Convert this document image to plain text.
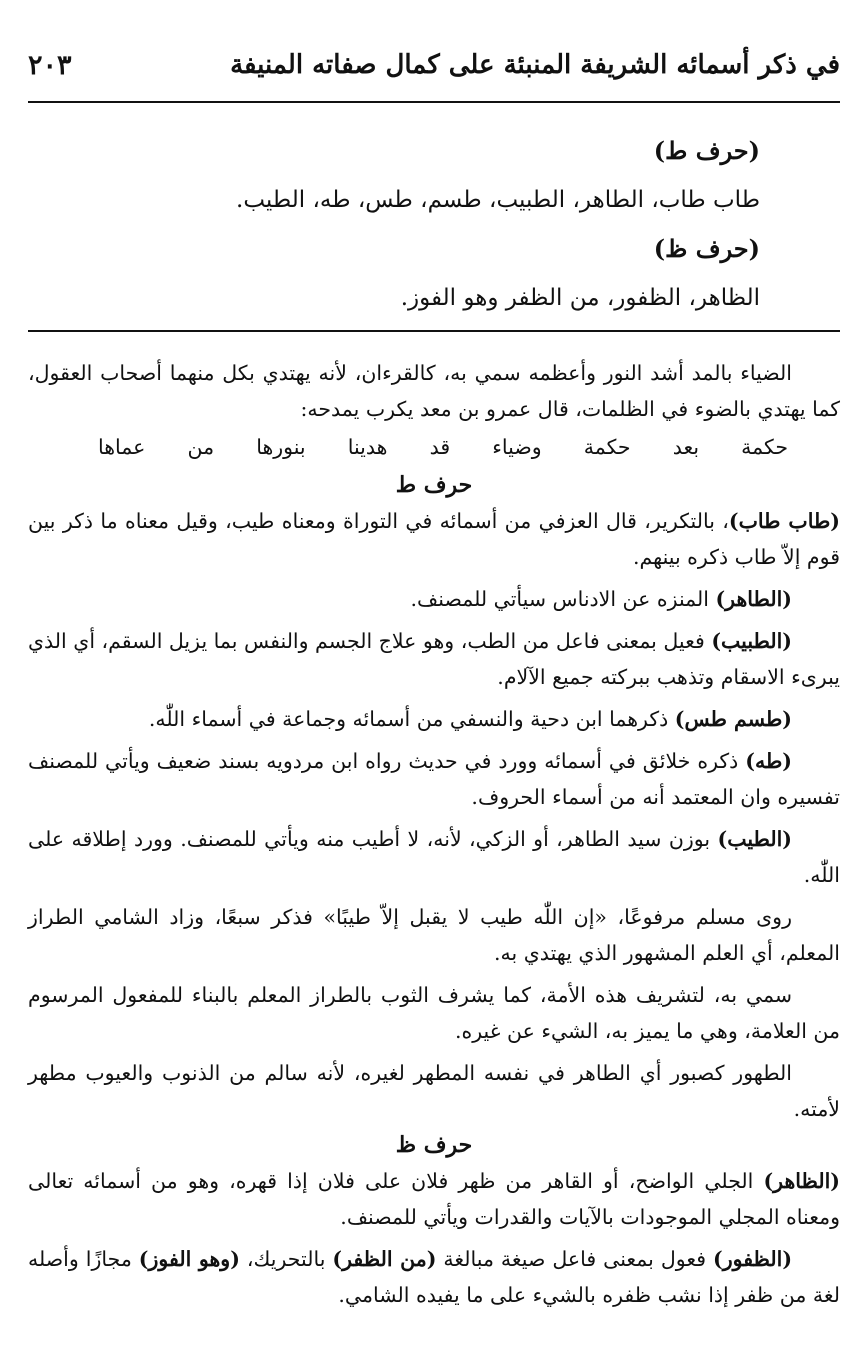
في ذكر أسمائه الشريفة المنبئة على كمال صفاته المنيفة
٢٠٣
(حرف ط)
طاب طاب، الطاهر، الطبيب، طسم، طس، طه، الطيب.
(حرف ظ)
الظاهر، الظفور، من الظفر وهو الفوز.

الضياء بالمد أشد النور وأعظمه سمي به، كالقرءان، لأنه يهتدي بكل منهما أصحاب العقول، كما يهتدي بالضوء في الظلمات، قال عمرو بن معد يكرب يمدحه:

حكمة بعد حكمة وضياء قد هدينا بنورها من عماها
حرف ط

(طاب طاب)، بالتكرير، قال العزفي من أسمائه في التوراة ومعناه طيب، وقيل معناه ما ذكر بين قوم إلاّ طاب ذكره بينهم.

(الطاهر) المنزه عن الادناس سيأتي للمصنف.

(الطبيب) فعيل بمعنى فاعل من الطب، وهو علاج الجسم والنفس بما يزيل السقم، أي الذي يبرىء الاسقام وتذهب ببركته جميع الآلام.

(طسم طس) ذكرهما ابن دحية والنسفي من أسمائه وجماعة في أسماء اللّٰه.

(طه) ذكره خلائق في أسمائه وورد في حديث رواه ابن مردويه بسند ضعيف ويأتي للمصنف تفسيره وان المعتمد أنه من أسماء الحروف.

(الطيب) بوزن سيد الطاهر، أو الزكي، لأنه، لا أطيب منه ويأتي للمصنف. وورد إطلاقه على اللّٰه.

روى مسلم مرفوعًا، «إن اللّٰه طيب لا يقبل إلاّ طيبًا» فذكر سبعًا، وزاد الشامي الطراز المعلم، أي العلم المشهور الذي يهتدي به.

سمي به، لتشريف هذه الأمة، كما يشرف الثوب بالطراز المعلم بالبناء للمفعول المرسوم من العلامة، وهي ما يميز به، الشيء عن غيره.

الطهور كصبور أي الطاهر في نفسه المطهر لغيره، لأنه سالم من الذنوب والعيوب مطهر لأمته.

حرف ظ

(الظاهر) الجلي الواضح، أو القاهر من ظهر فلان على فلان إذا قهره، وهو من أسمائه تعالى ومعناه المجلي الموجودات بالآيات والقدرات ويأتي للمصنف.

(الظفور) فعول بمعنى فاعل صيغة مبالغة (من الظفر) بالتحريك، (وهو الفوز) مجازًا وأصله لغة من ظفر إذا نشب ظفره بالشيء على ما يفيده الشامي.
